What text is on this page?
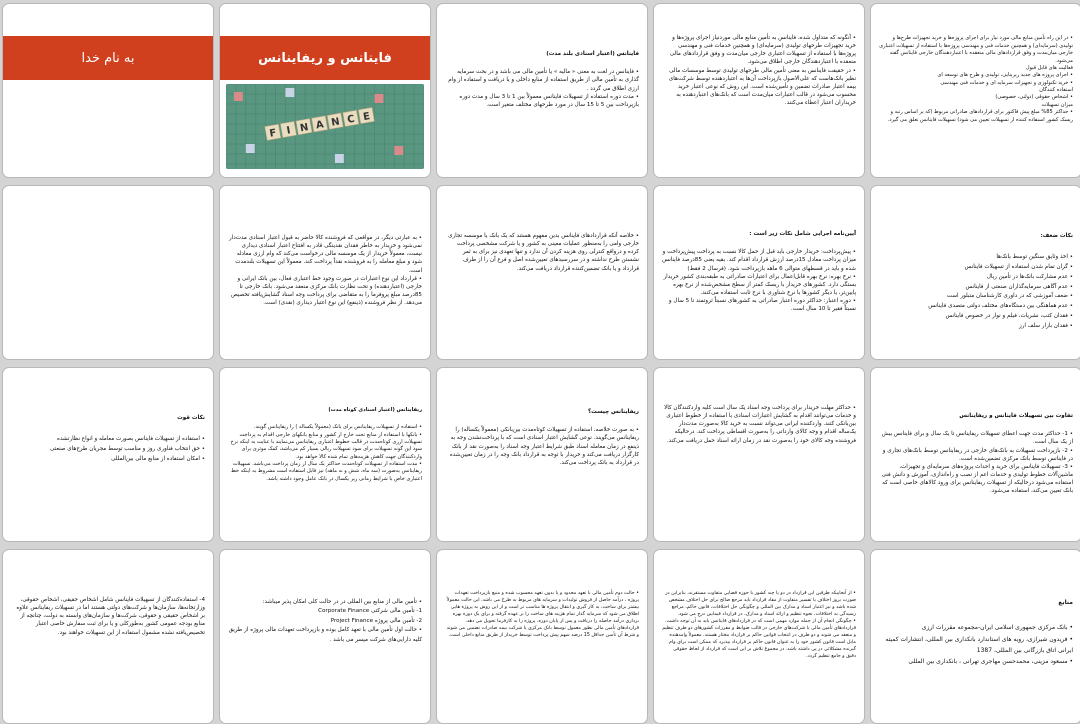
به نام خدا	فاینانس و ریفاینانس
F I N A N C E

فاینانس (اعتبار اسنادی بلند مدت)

• فاینانس در لغت به معنی « مالیه » یا تأمین مالی می باشد و در بحث سرمایه گذاری به تأمین مالی از طریق استفاده از منابع داخلی و یا دریافت و استفاده از وام ارزی اطلاق می گردد .
• مدت دوره استفاده از تسهیلات فاینانس معمولاً بین 1 تا 3 سال و مدت دوره بازپرداخت بین 5 تا 15 سال در مورد طرحهای مختلف متغیر است.

• آنگونه که متداول شده، فاینانس به تأمین منابع مالی موردنیاز اجرای پروژه‌ها و خرید تجهیزات طرحهای تولیدی (سرمایه‌ای) و همچنین خدمات فنی و مهندسی پروژه‌ها با استفاده از تسهیلات اعتباری خارجی میان‌مدت و وفق قراردادهای مالی منعقده با اعتباردهندگان خارجی اطلاق می‌شود.
• در حقیقت فاینانس به معنی تأمین مالی طرحهای تولیدی توسط موسسات مالی نظیر بانک‌هاست که علی‌الاصول بازپرداخت آن‌ها به اعتباردهنده توسط شرکت‌های بیمه اعتبار صادرات تضمین و تأمین‌شده است. این روش که نوعی اعتبار خرید محسوب می‌شود در قالب اعتبارات میان‌مدت است که بانک‌های اعتباردهنده به خریداران اعتبار اعطاء می‌کنند.

• در این راه تأمین منابع مالی مورد نیاز برای اجرای پروژه‌ها و خرید تجهیزات طرح‌ها و تولیدی (سرمایه‌ای) و همچنین خدمات فنی و مهندسی پروژه‌ها با استفاده از تسهیلات اعتباری خارجی میان‌مدت و وفق قراردادهای مالی منعقده با اعتباردهندگان خارجی فاینانس گفته می‌شود.
فعالیت های قابل قبول
• اجرای پروژه های جدید زیربنایی، تولیدی و طرح های توسعه ای
• خرید تکنولوژی و تجهیزات سرمایه ای و خدمات فنی مهندسی
استفاده کنندگان
• اشخاص حقوقی (دولتی، خصوصی)
میزان تسهیلات
• حداکثر 85% مبلغ پیش فاکتور برای قراردادهای صادراتی مربوط (که بر اساس رتبه و ریسک کشور استفاده کننده از تسهیلات تعیین می شود) تسهیلات فاینانس تعلق می گیرد.

• به عبارتی دیگر، در مواقعی که فروشنده کالا حاضر به قبول اعتبار اسنادی مدت‌دار نمی‌شود و خریدار به خاطر فقدان نقدینگی قادر به افتتاح اعتبار اسنادی دیداری نیست، معمولاً خریدار از یک موسسه مالی درخواست می‌کند که وام ارزی معادله شود و مبلغ معامله را به فروشنده نقداً پرداخت کند. معمولاً این تسهیلات بلندمدت است.
• قرارداد این نوع اعتبارات در صورت وجود خط اعتباری فعال، بین بانک ایرانی و خارجی (اعتباردهنده) و تحت نظارت بانک مرکزی منعقد می‌شود. بانک خارجی تا 85درصد مبلغ پروفرما را به متقاضی برای پرداخت وجه اسناد گشایش‌یافته تخصیص می‌دهد. از نظر فروشنده (ذینفع) این نوع اعتبار دیداری (نقدی) است.

• خلاصه آنکه قراردادهای فاینانس بدین مفهوم هستند که یک بانک یا موسسه تجاری خارجی وامی را به‌منظور عملیات معینی به کشور و یا شرکت مشخصی پرداخت کرده و درواقع کنترلی روی هزینه کردن آن ندارد و تنها تعهدی نیز برای به ثمر نشستن طرح نداشته و در سررسیدهای تعیین‌شده اصل و فرع آن را از طرف قرارداد و یا بانک تضمین‌کننده قرارداد دریافت می‌کند.

آیین‌نامه اجرایی شامل نکات زیر است :

• پیش‌پرداخت: خریدار خارجی باید قبل از حمل کالا نسبت به پرداخت پیش‌پرداخت و میزان پرداخت معادل 15درصد ارزش قرارداد اقدام کند. بقیه یعنی 85درصد فاینانس شده و باید در قسطهای متوالی 6 ماهه بازپرداخت شود. (فرسال 2 فقط)
• نرخ بهره: نرخ بهره قابل‌اعمال برای اعتبارات صادراتی به طبقه‌بندی کشور خریدار بستگی دارد. کشورهای خریدار با ریسک کمتر از سطح مشخص‌شده از نرخ بهره پایین‌تر، یا دیگر کشورها با نرخ شناوری با نرخ ثابت استفاده می‌کنند.
• دوره اعتبار: حداکثر دوره اعتبار صادراتی به کشورهای نسبتاً ثروتمند تا 5 سال و نسبتاً فقیر تا 10 سال است.

نکات ضعف:

• اخذ وثایق سنگین توسط بانک‌ها
• گران تمام شدن استفاده از تسهیلات فاینانس
• عدم مشارکت بانک‌ها در تأمین ریال
• عدم آگاهی سرمایه‌گذاران صنعتی از فاینانس
• ضعف آموزشی که در داوری کارشناسان متبلور است
• عدم هماهنگی بین دستگاه‌های مختلف دولتی متصدی فاینانس
• فقدان کتب، نشریات، فیلم و نوار در خصوص فاینانس
• فقدان بازار سلف ارز

نکات قوت

• استفاده از تسهیلات فاینانس بصورت معامله و انواع نظارتشده
• حق انتخاب فناوری روز و مناسب توسط مجریان طرح‌های صنعتی
• امکان استفاده از منابع مالی بین‌المللی

ریفاینانس (اعتبار اسنادی کوتاه مدت)

• استفاده از تسهیلات ریفاینانس برای بانک (معمولاً یکساله ) را ریفاینانس گویند.
• بانکها با استفاده از منابع تحت خارج از کشور و منابع بانکهای خارجی اقدام به پرداخت تسهیلات ارزی کوتاه‌مدت در قالب خطوط اعتباری ریفاینانس می‌نمایند با عنایت به اینکه نرخ سود این گونه تسهیلات برای سود تسهیلات ریالی بسیار کم می‌باشد، کمک موثری برای واردکنندگان جهت کاهش هزینه‌های تمام شده کالا خواهد بود.
• مدت استفاده از تسهیلات کوتاه‌مدت حداکثر یک سال از زمان پرداخت می‌باشد. تسهیلات ریفاینانس به‌صورت (سه ماه، شش و نه ماهه) نیز قابل استفاده است مشروط به اینکه خط اعتباری خاص با شرایط زمانی زیر یکسال در بانک عامل وجود داشته باشد.

ریفاینانس چیست؟

• به صورت خلاصه، استفاده از تسهیلات کوتاه‌مدت بین‌بانکی (معمولاً یکساله) را ریفاینانس می‌گویند. نوعی گشایش اعتبار اسنادی است که با پرداخت‌نشدن وجه به ذینفع در زمان معامله اسناد طبق شرایط اعتبار وجه اسناد را به‌صورت نقد از بانک کارگزار دریافت می‌کند و خریدار با توجه به قرارداد بانک وجه را در زمان تعیین‌شده در قرارداد به بانک پرداخت می‌کند.

• حداکثر مهلت خریدار برای پرداخت وجه اسناد یک سال است کلیه واردکنندگان کالا و خدمات می‌توانند اقدام به گشایش اعتبارات اسنادی با استفاده از خطوط اعتباری بین‌بانکی کنند. واردکننده ایرانی می‌تواند نسبت به خرید کالا به‌صورت مدت‌دار یک‌ساله اقدام و وجه کالای وارداتی را به‌صورت اقساطی پرداخت کند. درحالیکه فروشنده وجه کالای خود را به‌صورت نقد در زمان ارائه اسناد حمل دریافت می‌کند.

تفاوت بین تسهیلات فاینانس و ریفاینانس

• 1- حداکثر مدت جهت اعطای تسهیلات ریفاینانس تا یک سال و برای فاینانس بیش از یک سال است.
• 2- بازپرداخت تسهیلات به بانک‌های خارجی در ریفاینانس توسط بانک‌های تجاری و در فاینانس توسط بانک مرکزی تضمین‌شده است.
• 3- تسهیلات فاینانس برای خرید و احداث پروژه‌های سرمایه‌ای و تجهیزات، ماشین‌آلات خطوط تولیدی و خدمات اعم از نصب و راه‌اندازی، آموزش و دانش فنی استفاده می‌شود درحالیکه از تسهیلات ریفاینانس برای ورود کالاهای خاصی است که بانک تعیین می‌کند، استفاده می‌شود.

4- استفاده‌کنندگان از تسهیلات فاینانس شامل اشخاص حقیقی، اشخاص حقوقی، وزارتخانه‌ها، سازمان‌ها و شرکت‌های دولتی هستند اما در تسهیلات ریفاینانس علاوه بر اشخاص حقیقی و حقوقی، شرکت‌ها و سازمان‌های وابسته به دولت، چنانچه از منابع بودجه عمومی کشور به‌طورکلی و یا برای ثبت سفارش خاصی اعتبار تخصیص‌یافته نشده مشمول استفاده از این تسهیلات خواهند بود.

• تأمین مالی از منابع بین المللی در در حالت کلی امکان پذیر میباشد:
1- تأمین مالی شرکتی Corporate Finance
2- تأمین مالی پروژه Project Finance
• حالت اول تأمین مالی با تعهد کامل بوده و بازپرداخت تعهدات مالی پروژه از طریق کلیه دارایی‌های شرکت میسر می باشد .

• حالت دوم تأمین مالی با تعهد محدود و یا بدون تعهد محسوب شده و منبع بازپرداخت تعهدات پروژه ، درآمد حاصل از فروش تولیدات و سرمایه های مربوط به طرح می باشد. این حالت معمولاً بیشتر برای ساخت، به کار گیری و انتقال پروژه ها مناسب تر است و از این روش به پروژه هایی اطلاق می شود که سرمایه گذار تمام هزینه های ساخت را بر عهده گرفته و برای یک دوره بهره برداری درآمد حاصله را دریافت و پس از پایان دوره، پروژه را به کارفرما تحویل می دهد. قراردادهای تأمین مالی بطور معمول توسط بانک مرکزی یا شرکت بیمه صادرات تضمین می شوند و شرط آن تأمین حداقل 15 درصد سهم پیش پرداخت توسط خریدار از طریق منابع داخلی است.

• از آنجاییکه طرفین این قرارداد در دو یا چند کشور با حوزه قضایی متفاوت مستقرند، بنابراین در صورت بروز اختلاف یا تفسیر متفاوت از مفاد قرارداد باید مرجع صالح برای حل اختلاف مشخص شده باشد و نیز اعتبار اسناد و مدارک بین المللی و چگونگی حل اختلافات، قانون حاکم، مراجع رسیدگی به اختلافات، نحوه تنظیم و ارائه اسناد و مدارک، در قرارداد فیمابین درج می شود.
• چگونگی انجام آن از جمله موارد مهمی است که در قراردادهای فاینانس باید به آن توجه داشت. قراردادهای تأمین مالی با شرکت‌های خارجی در قالب ضوابط و مقررات کشورهای دو طرف تنظیم و منعقد می شوند و دو طرف در انتخاب قوانین حاکم بر قرارداد مختار هستند. معمولاً وامدهنده مایل است قانون کشور خود را به عنوان قانون حاکم بر قرارداد بپذیرد که ممکن است برای وام گیرنده مشکلاتی در پی داشته باشد. در مجموع تلاش بر این است که قرارداد از لحاظ حقوقی دقیق و جامع تنظیم گردد.

منابع

• بانک مرکزی جمهوری اسلامی ایران-مجموعه مقررات ارزی
• فریدون شیرازی، رویه های استاندارد بانکداری بین المللی، انتشارات کمیته ایرانی اتاق بازرگانی بین المللی، 1387
• مسعود مزینی، محمدحسن مهاجری تهرانی ، بانکداری بین المللی
